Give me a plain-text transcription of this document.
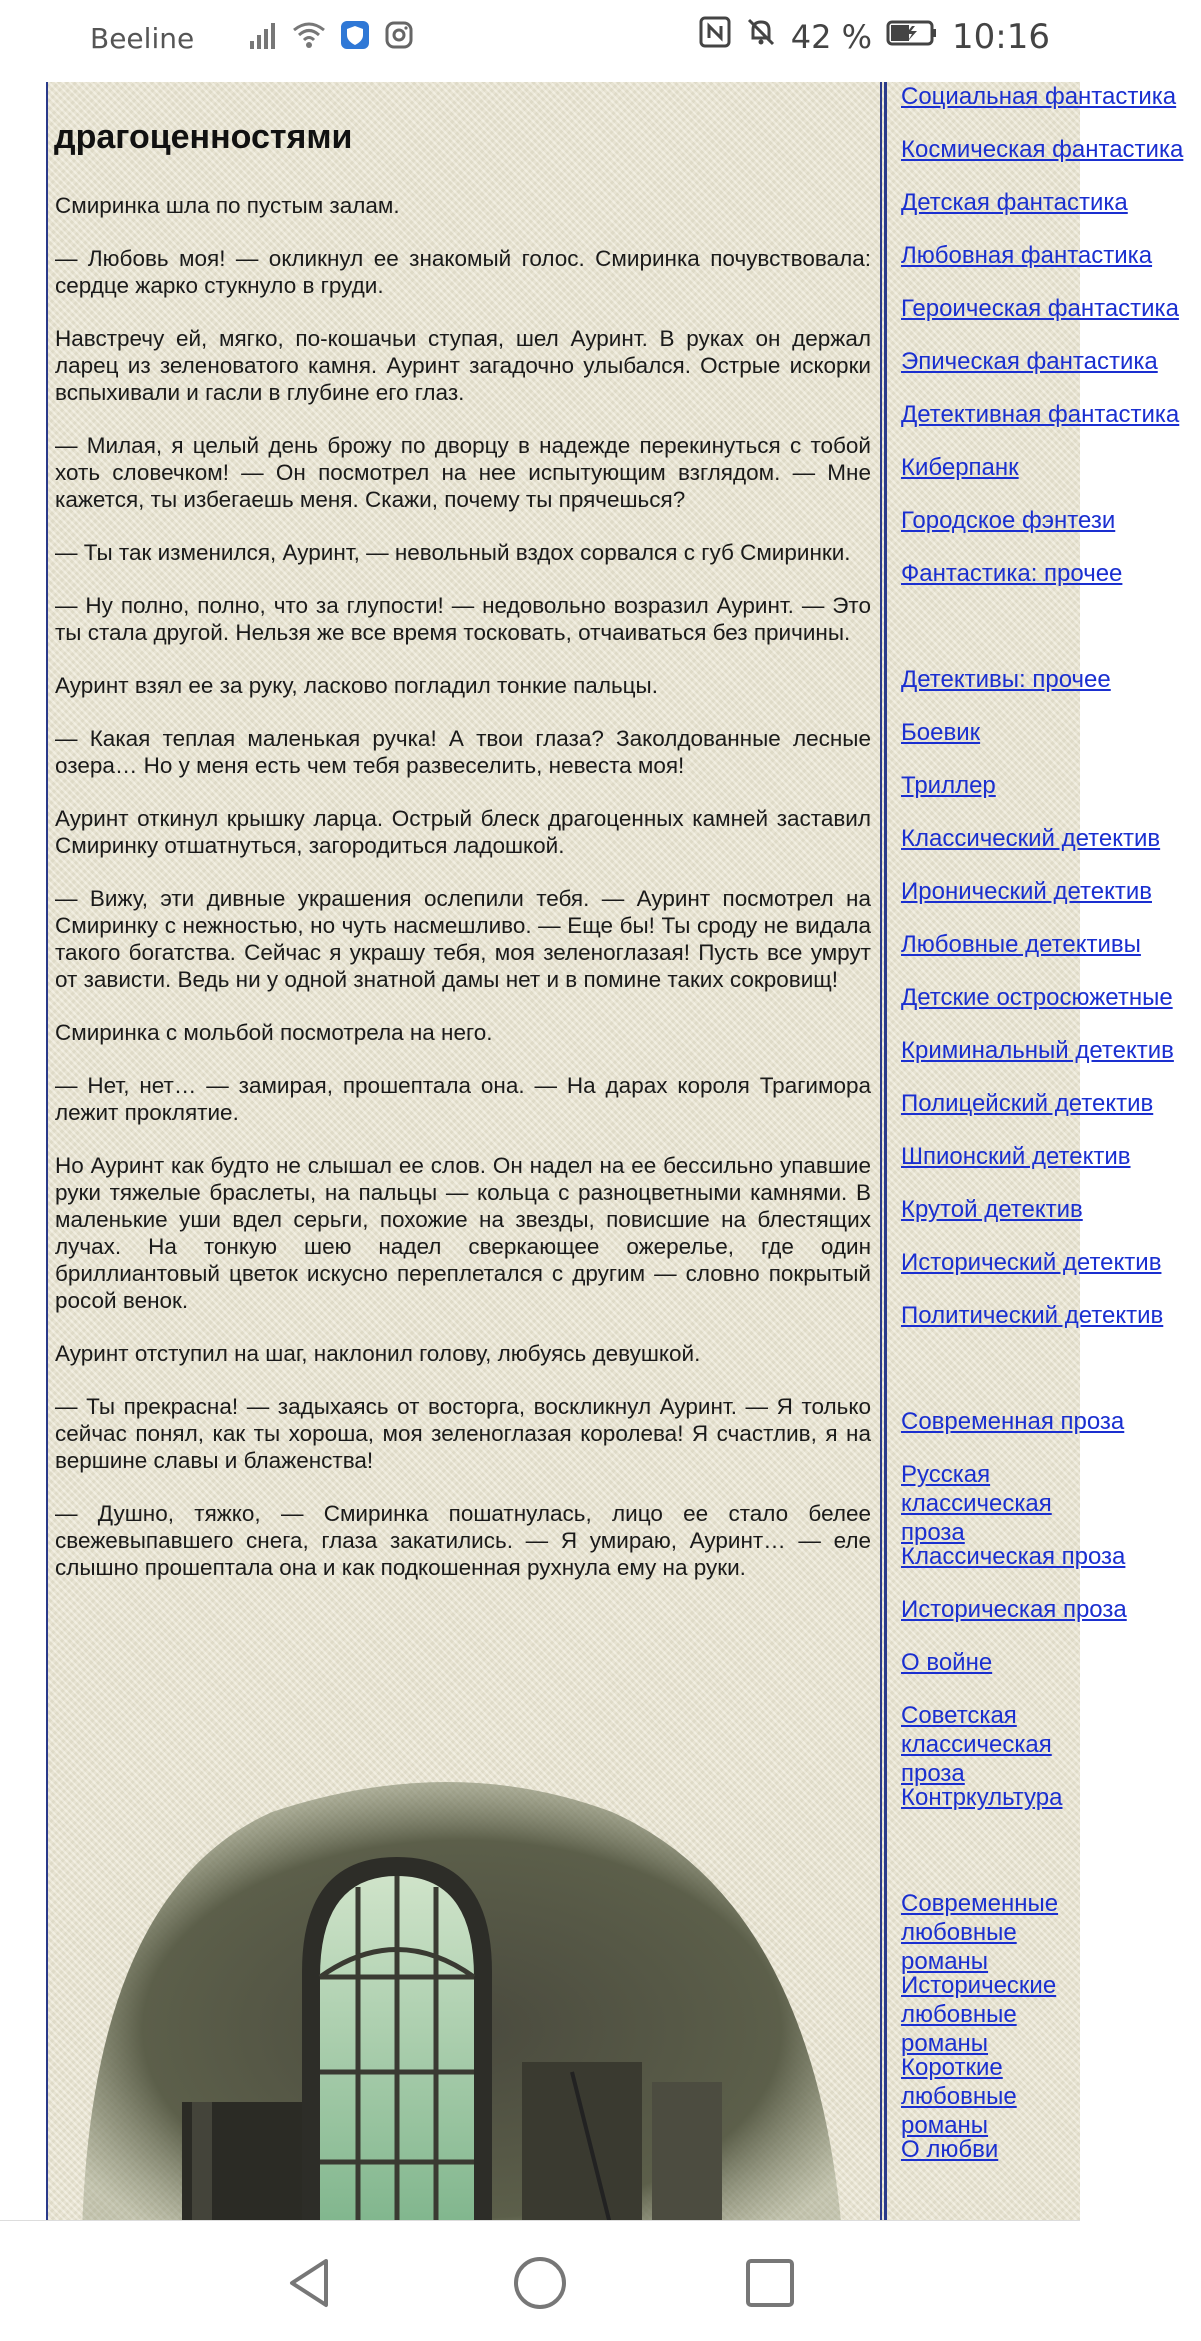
Beeline	42 % 10:16
драгоценностями

Смиринка шла по пустым залам.

— Любовь моя! — окликнул ее знакомый голос. Смиринка почувствовала: сердце жарко стукнуло в груди.

Навстречу ей, мягко, по-кошачьи ступая, шел Ауринт. В руках он держал ларец из зеленоватого камня. Ауринт загадочно улыбался. Острые искорки вспыхивали и гасли в глубине его глаз.

— Милая, я целый день брожу по дворцу в надежде перекинуться с тобой хоть словечком! — Он посмотрел на нее испытующим взглядом. — Мне кажется, ты избегаешь меня. Скажи, почему ты прячешься?

— Ты так изменился, Ауринт, — невольный вздох сорвался с губ Смиринки.

— Ну полно, полно, что за глупости! — недовольно возразил Ауринт. — Это ты стала другой. Нельзя же все время тосковать, отчаиваться без причины.

Ауринт взял ее за руку, ласково погладил тонкие пальцы.

— Какая теплая маленькая ручка! А твои глаза? Заколдованные лесные озера… Но у меня есть чем тебя развеселить, невеста моя!

Ауринт откинул крышку ларца. Острый блеск драгоценных камней заставил Смиринку отшатнуться, загородиться ладошкой.

— Вижу, эти дивные украшения ослепили тебя. — Ауринт посмотрел на Смиринку с нежностью, но чуть насмешливо. — Еще бы! Ты сроду не видала такого богатства. Сейчас я украшу тебя, моя зеленоглазая! Пусть все умрут от зависти. Ведь ни у одной знатной дамы нет и в помине таких сокровищ!

Смиринка с мольбой посмотрела на него.

— Нет, нет… — замирая, прошептала она. — На дарах короля Трагимора лежит проклятие.

Но Ауринт как будто не слышал ее слов. Он надел на ее бессильно упавшие руки тяжелые браслеты, на пальцы — кольца с разноцветными камнями. В маленькие уши вдел серьги, похожие на звезды, повисшие на блестящих лучах. На тонкую шею надел сверкающее ожерелье, где один бриллиантовый цветок искусно переплетался с другим — словно покрытый росой венок.

Ауринт отступил на шаг, наклонил голову, любуясь девушкой.

— Ты прекрасна! — задыхаясь от восторга, воскликнул Ауринт. — Я только сейчас понял, как ты хороша, моя зеленоглазая королева! Я счастлив, я на вершине славы и блаженства!

— Душно, тяжко, — Смиринка пошатнулась, лицо ее стало белее свежевыпавшего снега, глаза закатились. — Я умираю, Ауринт… — еле слышно прошептала она и как подкошенная рухнула ему на руки.

Социальная фантастика
Космическая фантастика
Детская фантастика
Любовная фантастика
Героическая фантастика
Эпическая фантастика
Детективная фантастика
Киберпанк
Городское фэнтези
Фантастика: прочее
Детективы: прочее
Боевик
Триллер
Классический детектив
Иронический детектив
Любовные детективы
Детские остросюжетные
Криминальный детектив
Полицейский детектив
Шпионский детектив
Крутой детектив
Исторический детектив
Политический детектив
Современная проза
Русская классическая проза
Классическая проза
Историческая проза
О войне
Советская классическая проза
Контркультура
Современные любовные романы
Исторические любовные романы
Короткие любовные романы
О любви
